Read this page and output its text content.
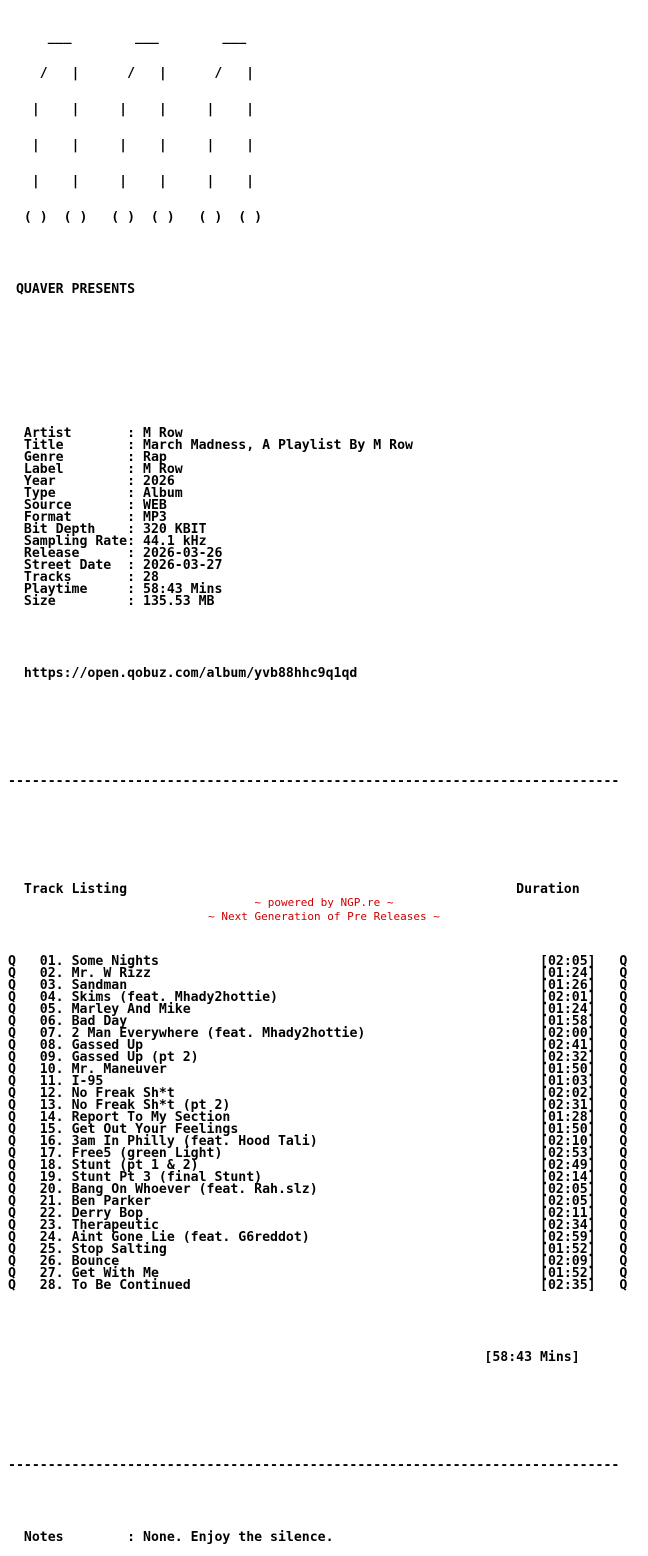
___        ___        ___

/   |      /   |      /   |

|    |     |    |     |    |

|    |     |    |     |    |

|    |     |    |     |    |

( )  ( )   ( )  ( )   ( )  ( )

QUAVER PRESENTS

Artist       : M Row
Title        : March Madness, A Playlist By M Row
Genre        : Rap
Label        : M Row
Year         : 2026
Type         : Album
Source       : WEB
Format       : MP3
Bit Depth    : 320 KBIT
Sampling Rate: 44.1 kHz
Release      : 2026-03-26
Street Date  : 2026-03-27
Tracks       : 28
Playtime     : 58:43 Mins
Size         : 135.53 MB

https://open.qobuz.com/album/yvb88hhc9q1qd

-----------------------------------------------------------------------------

Track Listing	Duration

Q 01. Some Nights	[02:05] Q
Q 02. Mr. W Rizz	[01:24] Q
Q 03. Sandman	[01:26] Q
Q 04. Skims (feat. Mhady2hottie)	[02:01] Q
Q 05. Marley And Mike	[01:24] Q
Q 06. Bad Day	[01:58] Q
Q 07. 2 Man Everywhere (feat. Mhady2hottie)	[02:00] Q
Q 08. Gassed Up	[02:41] Q
Q 09. Gassed Up (pt 2)	[02:32] Q
Q 10. Mr. Maneuver	[01:50] Q
Q 11. I-95	[01:03] Q
Q 12. No Freak Sh*t	[02:02] Q
Q 13. No Freak Sh*t (pt 2)	[02:31] Q
Q 14. Report To My Section	[01:28] Q
Q 15. Get Out Your Feelings	[01:50] Q
Q 16. 3am In Philly (feat. Hood Tali)	[02:10] Q
Q 17. Free5 (green Light)	[02:53] Q
Q 18. Stunt (pt 1 & 2)	[02:49] Q
Q 19. Stunt Pt 3 (final Stunt)	[02:14] Q
Q 20. Bang On Whoever (feat. Rah.slz)	[02:05] Q
Q 21. Ben Parker	[02:05] Q
Q 22. Derry Bop	[02:11] Q
Q 23. Therapeutic	[02:34] Q
Q 24. Aint Gone Lie (feat. G6reddot)	[02:59] Q
Q 25. Stop Salting	[01:52] Q
Q 26. Bounce	[02:09] Q
Q 27. Get With Me	[01:52] Q
Q 28. To Be Continued	[02:35] Q

[58:43 Mins]

-----------------------------------------------------------------------------

Notes        : None. Enjoy the silence.

~ powered by NGP.re ~
~ Next Generation of Pre Releases ~
